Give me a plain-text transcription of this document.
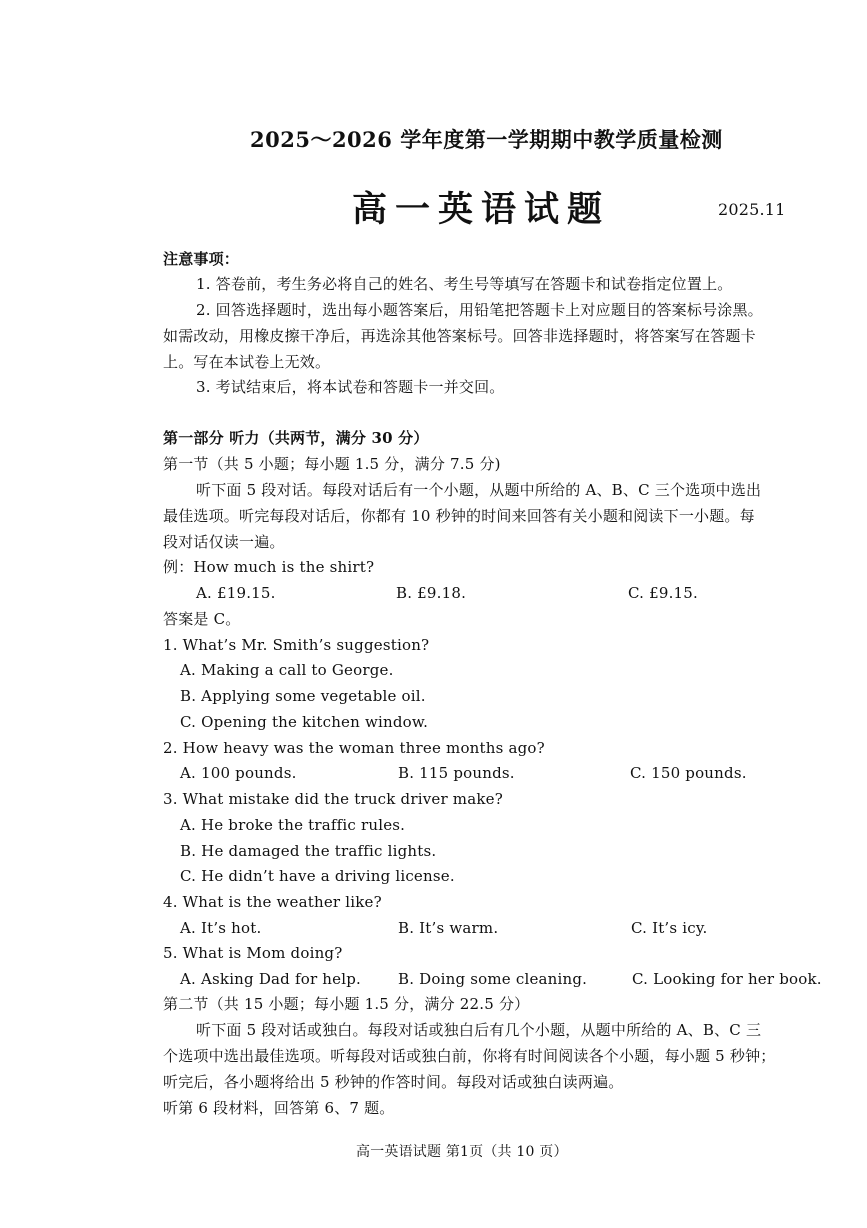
2025～2026 学年度第一学期期中教学质量检测
高一英语试题	2025.11
注意事项：
1. 答卷前，考生务必将自己的姓名、考生号等填写在答题卡和试卷指定位置上。
2. 回答选择题时，选出每小题答案后，用铅笔把答题卡上对应题目的答案标号涂黑。
如需改动，用橡皮擦干净后，再选涂其他答案标号。回答非选择题时，将答案写在答题卡
上。写在本试卷上无效。
3. 考试结束后，将本试卷和答题卡一并交回。
第一部分 听力（共两节，满分 30 分）
第一节（共 5 小题；每小题 1.5 分，满分 7.5 分)
听下面 5 段对话。每段对话后有一个小题，从题中所给的 A、B、C 三个选项中选出
最佳选项。听完每段对话后，你都有 10 秒钟的时间来回答有关小题和阅读下一小题。每
段对话仅读一遍。
例：How much is the shirt?
A. £19.15.	B. £9.18.	C. £9.15.
答案是 C。
1. What’s Mr. Smith’s suggestion?
A. Making a call to George.
B. Applying some vegetable oil.
C. Opening the kitchen window.
2. How heavy was the woman three months ago?
A. 100 pounds.	B. 115 pounds.	C. 150 pounds.
3. What mistake did the truck driver make?
A. He broke the traffic rules.
B. He damaged the traffic lights.
C. He didn’t have a driving license.
4. What is the weather like?
A. It’s hot.	B. It’s warm.	C. It’s icy.
5. What is Mom doing?
A. Asking Dad for help. B. Doing some cleaning.	C. Looking for her book.
第二节（共 15 小题；每小题 1.5 分，满分 22.5 分）
听下面 5 段对话或独白。每段对话或独白后有几个小题，从题中所给的 A、B、C 三
个选项中选出最佳选项。听每段对话或独白前，你将有时间阅读各个小题，每小题 5 秒钟；
听完后，各小题将给出 5 秒钟的作答时间。每段对话或独白读两遍。
听第 6 段材料，回答第 6、7 题。
高一英语试题 第1页（共 10 页）
